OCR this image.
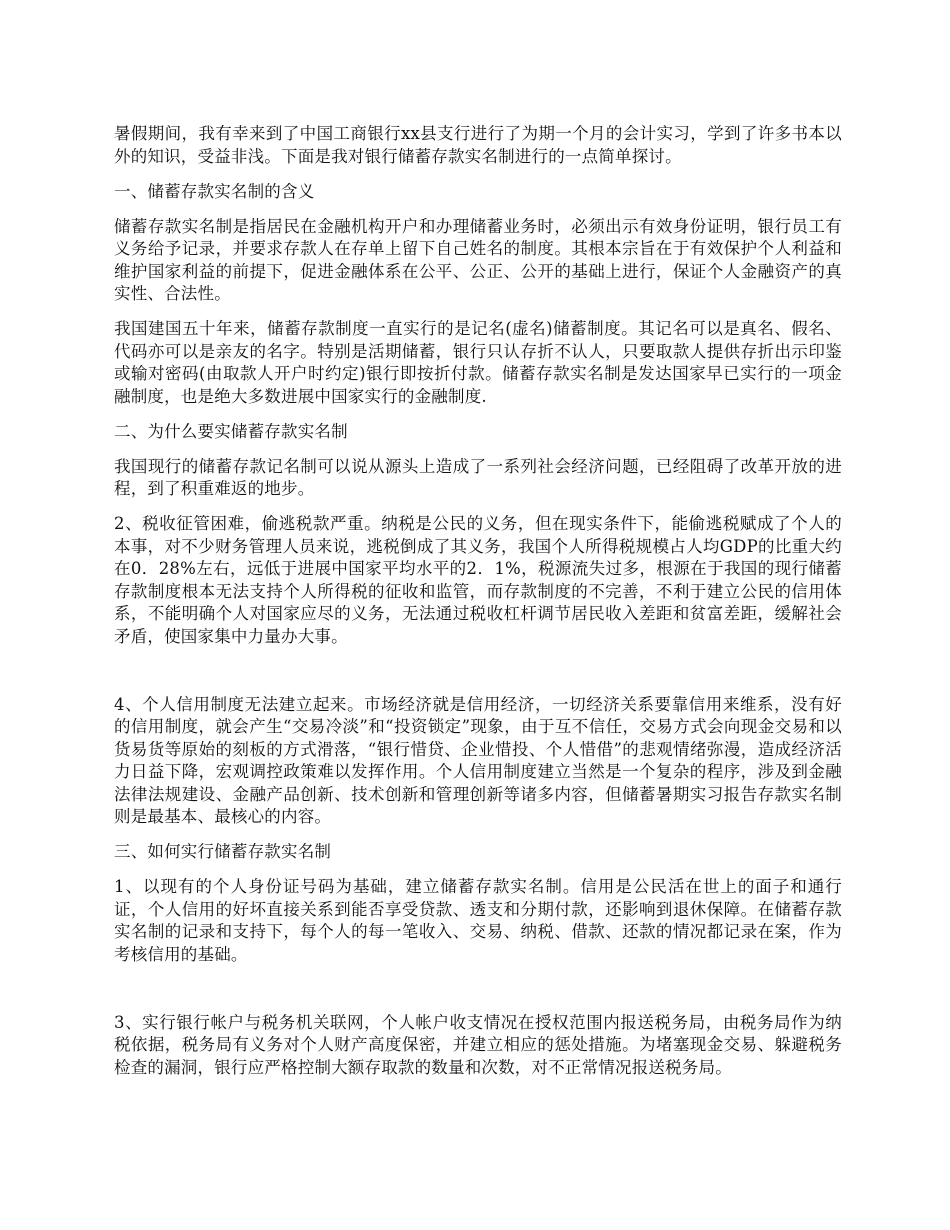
暑假期间，我有幸来到了中国工商银行xx县支行进行了为期一个月的会计实习，学到了许多书本以外的知识，受益非浅。下面是我对银行储蓄存款实名制进行的一点简单探讨。

一、储蓄存款实名制的含义

储蓄存款实名制是指居民在金融机构开户和办理储蓄业务时，必须出示有效身份证明，银行员工有义务给予记录，并要求存款人在存单上留下自己姓名的制度。其根本宗旨在于有效保护个人利益和维护国家利益的前提下，促进金融体系在公平、公正、公开的基础上进行，保证个人金融资产的真实性、合法性。

我国建国五十年来，储蓄存款制度一直实行的是记名(虚名)储蓄制度。其记名可以是真名、假名、代码亦可以是亲友的名字。特别是活期储蓄，银行只认存折不认人，只要取款人提供存折出示印鉴或输对密码(由取款人开户时约定)银行即按折付款。储蓄存款实名制是发达国家早已实行的一项金融制度，也是绝大多数进展中国家实行的金融制度.

二、为什么要实储蓄存款实名制

我国现行的储蓄存款记名制可以说从源头上造成了一系列社会经济问题，已经阻碍了改革开放的进程，到了积重难返的地步。

2、税收征管困难，偷逃税款严重。纳税是公民的义务，但在现实条件下，能偷逃税赋成了个人的本事，对不少财务管理人员来说，逃税倒成了其义务，我国个人所得税规模占人均GDP的比重大约在0．28%左右，远低于进展中国家平均水平的2．1%，税源流失过多，根源在于我国的现行储蓄存款制度根本无法支持个人所得税的征收和监管，而存款制度的不完善，不利于建立公民的信用体系，不能明确个人对国家应尽的义务，无法通过税收杠杆调节居民收入差距和贫富差距，缓解社会矛盾，使国家集中力量办大事。

4、个人信用制度无法建立起来。市场经济就是信用经济，一切经济关系要靠信用来维系，没有好的信用制度，就会产生“交易冷淡”和“投资锁定”现象，由于互不信任，交易方式会向现金交易和以货易货等原始的刻板的方式滑落，“银行惜贷、企业惜投、个人惜借”的悲观情绪弥漫，造成经济活力日益下降，宏观调控政策难以发挥作用。个人信用制度建立当然是一个复杂的程序，涉及到金融法律法规建设、金融产品创新、技术创新和管理创新等诸多内容，但储蓄暑期实习报告存款实名制则是最基本、最核心的内容。

三、如何实行储蓄存款实名制

1、以现有的个人身份证号码为基础，建立储蓄存款实名制。信用是公民活在世上的面子和通行证，个人信用的好坏直接关系到能否享受贷款、透支和分期付款，还影响到退休保障。在储蓄存款实名制的记录和支持下，每个人的每一笔收入、交易、纳税、借款、还款的情况都记录在案，作为考核信用的基础。

3、实行银行帐户与税务机关联网，个人帐户收支情况在授权范围内报送税务局，由税务局作为纳税依据，税务局有义务对个人财产高度保密，并建立相应的惩处措施。为堵塞现金交易、躲避税务检查的漏洞，银行应严格控制大额存取款的数量和次数，对不正常情况报送税务局。
